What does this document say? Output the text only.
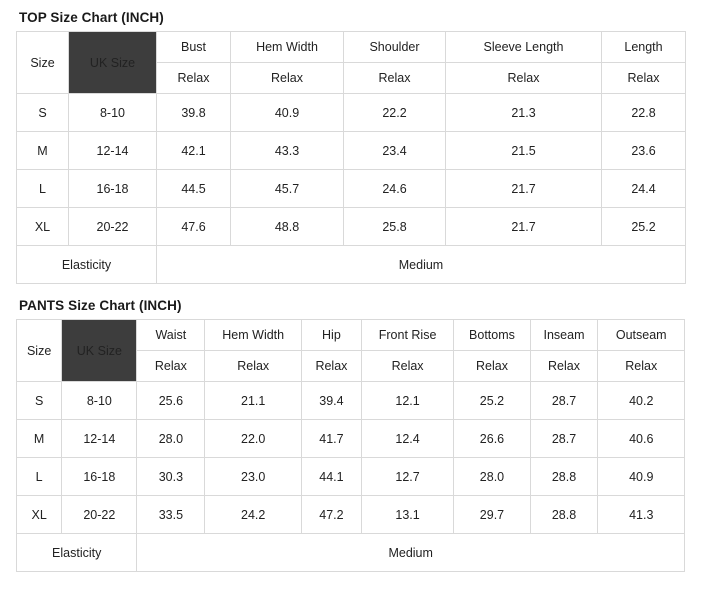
TOP Size Chart (INCH)
Size	UK Size	Bust	Hem Width	Shoulder	Sleeve Length	Length
		Relax	Relax	Relax	Relax	Relax
S	8-10	39.8	40.9	22.2	21.3	22.8
M	12-14	42.1	43.3	23.4	21.5	23.6
L	16-18	44.5	45.7	24.6	21.7	24.4
XL	20-22	47.6	48.8	25.8	21.7	25.2
Elasticity		Medium				
PANTS Size Chart (INCH)
Size	UK Size	Waist	Hem Width	Hip	Front Rise	Bottoms	Inseam	Outseam
		Relax	Relax	Relax	Relax	Relax	Relax	Relax
S	8-10	25.6	21.1	39.4	12.1	25.2	28.7	40.2
M	12-14	28.0	22.0	41.7	12.4	26.6	28.7	40.6
L	16-18	30.3	23.0	44.1	12.7	28.0	28.8	40.9
XL	20-22	33.5	24.2	47.2	13.1	29.7	28.8	41.3
Elasticity		Medium						
